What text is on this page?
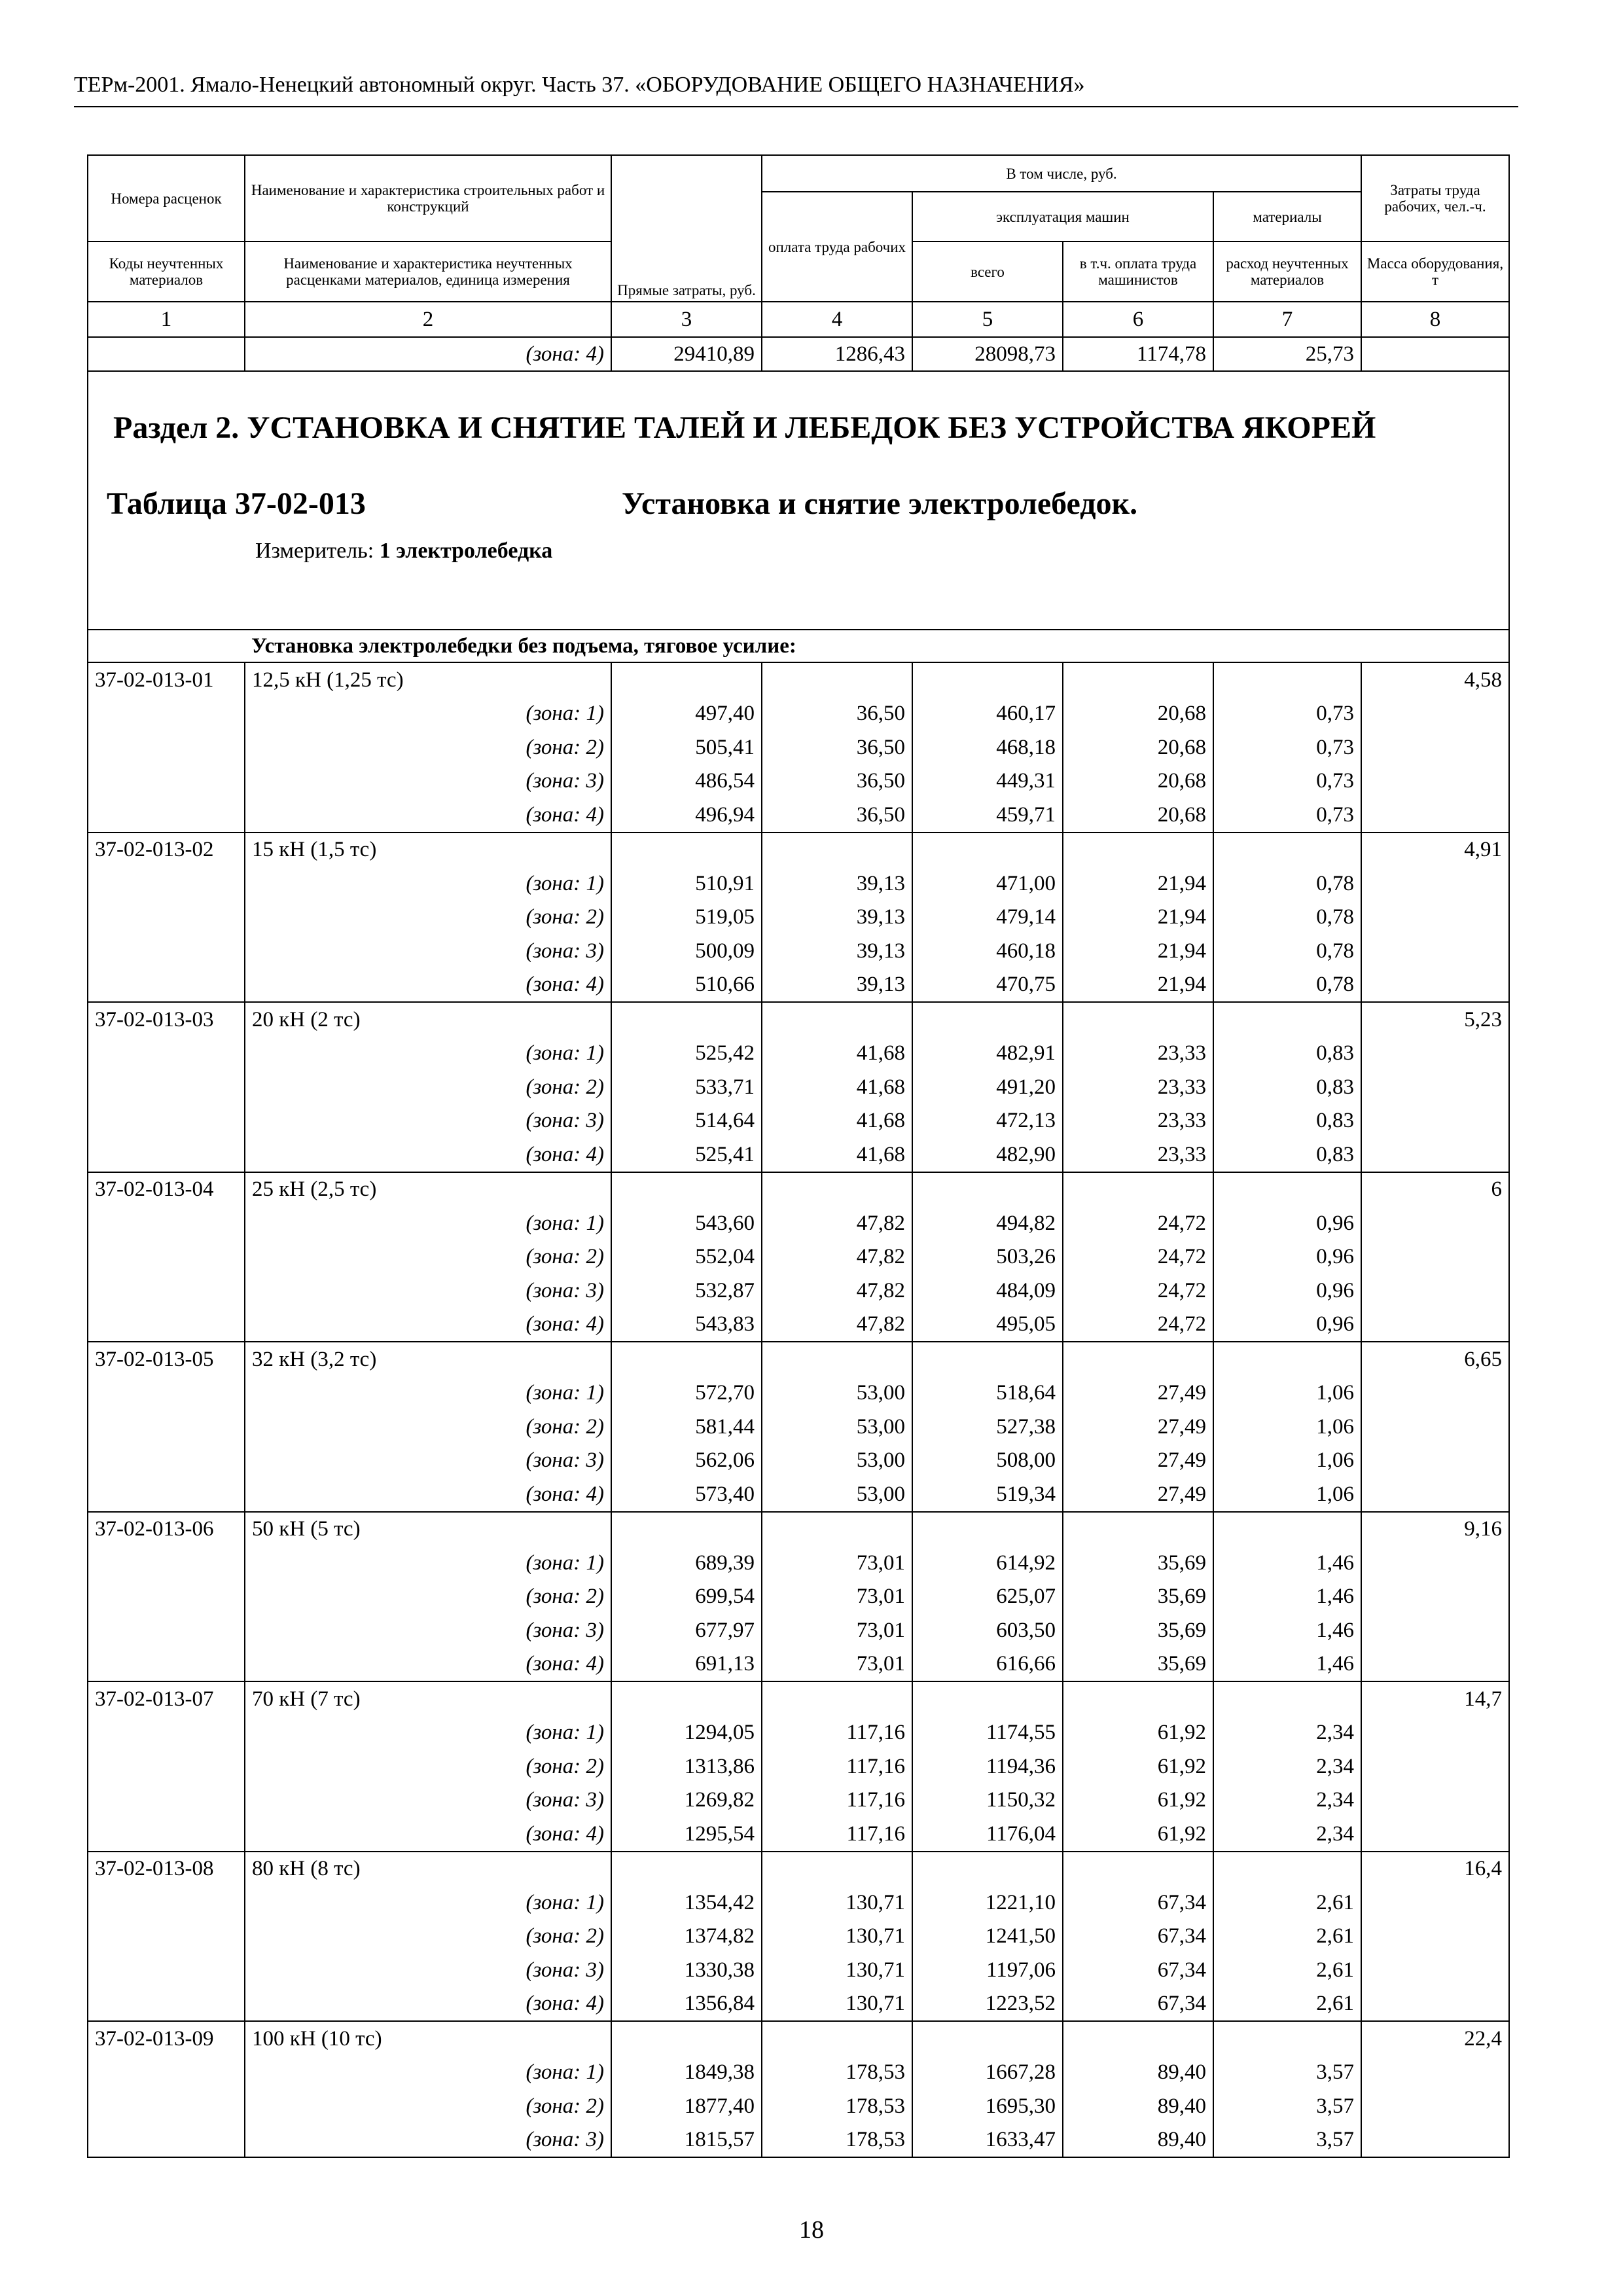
ТЕРм-2001. Ямало-Ненецкий автономный округ. Часть 37. «ОБОРУДОВАНИЕ ОБЩЕГО НАЗНАЧЕНИЯ»
Номера расценок	Наименование и характеристика строительных работ и конструкций	Прямые затраты, руб.	В том числе, руб.				Затраты труда рабочих, чел.-ч.
			оплата труда рабочих	эксплуатация машин		материалы	
Коды неучтенных материалов	Наименование и характеристика неучтенных расценками материалов, единица измерения			всего	в т.ч. оплата труда машинистов	расход неучтенных материалов	Масса оборудования, т
1	2	3	4	5	6	7	8
	(зона: 4)	29410,89	1286,43	28098,73	1174,78	25,73	

Раздел 2. УСТАНОВКА И СНЯТИЕ ТАЛЕЙ И ЛЕБЕДОК БЕЗ УСТРОЙСТВА ЯКОРЕЙ
Таблица 37-02-013 Установка и снятие электролебедок.
Измеритель: 1 электролебедка							

	Установка электролебедки без подъема, тяговое усилие:						
37-02-013-01	12,5 кН (1,25 тс)						4,58
	(зона: 1)	497,40	36,50	460,17	20,68	0,73	
	(зона: 2)	505,41	36,50	468,18	20,68	0,73	
	(зона: 3)	486,54	36,50	449,31	20,68	0,73	
	(зона: 4)	496,94	36,50	459,71	20,68	0,73	
37-02-013-02	15 кН (1,5 тс)						4,91
	(зона: 1)	510,91	39,13	471,00	21,94	0,78	
	(зона: 2)	519,05	39,13	479,14	21,94	0,78	
	(зона: 3)	500,09	39,13	460,18	21,94	0,78	
	(зона: 4)	510,66	39,13	470,75	21,94	0,78	
37-02-013-03	20 кН (2 тс)						5,23
	(зона: 1)	525,42	41,68	482,91	23,33	0,83	
	(зона: 2)	533,71	41,68	491,20	23,33	0,83	
	(зона: 3)	514,64	41,68	472,13	23,33	0,83	
	(зона: 4)	525,41	41,68	482,90	23,33	0,83	
37-02-013-04	25 кН (2,5 тс)						6
	(зона: 1)	543,60	47,82	494,82	24,72	0,96	
	(зона: 2)	552,04	47,82	503,26	24,72	0,96	
	(зона: 3)	532,87	47,82	484,09	24,72	0,96	
	(зона: 4)	543,83	47,82	495,05	24,72	0,96	
37-02-013-05	32 кН (3,2 тс)						6,65
	(зона: 1)	572,70	53,00	518,64	27,49	1,06	
	(зона: 2)	581,44	53,00	527,38	27,49	1,06	
	(зона: 3)	562,06	53,00	508,00	27,49	1,06	
	(зона: 4)	573,40	53,00	519,34	27,49	1,06	
37-02-013-06	50 кН (5 тс)						9,16
	(зона: 1)	689,39	73,01	614,92	35,69	1,46	
	(зона: 2)	699,54	73,01	625,07	35,69	1,46	
	(зона: 3)	677,97	73,01	603,50	35,69	1,46	
	(зона: 4)	691,13	73,01	616,66	35,69	1,46	
37-02-013-07	70 кН (7 тс)						14,7
	(зона: 1)	1294,05	117,16	1174,55	61,92	2,34	
	(зона: 2)	1313,86	117,16	1194,36	61,92	2,34	
	(зона: 3)	1269,82	117,16	1150,32	61,92	2,34	
	(зона: 4)	1295,54	117,16	1176,04	61,92	2,34	
37-02-013-08	80 кН (8 тс)						16,4
	(зона: 1)	1354,42	130,71	1221,10	67,34	2,61	
	(зона: 2)	1374,82	130,71	1241,50	67,34	2,61	
	(зона: 3)	1330,38	130,71	1197,06	67,34	2,61	
	(зона: 4)	1356,84	130,71	1223,52	67,34	2,61	
37-02-013-09	100 кН (10 тс)						22,4
	(зона: 1)	1849,38	178,53	1667,28	89,40	3,57	
	(зона: 2)	1877,40	178,53	1695,30	89,40	3,57	
	(зона: 3)	1815,57	178,53	1633,47	89,40	3,57	
18
